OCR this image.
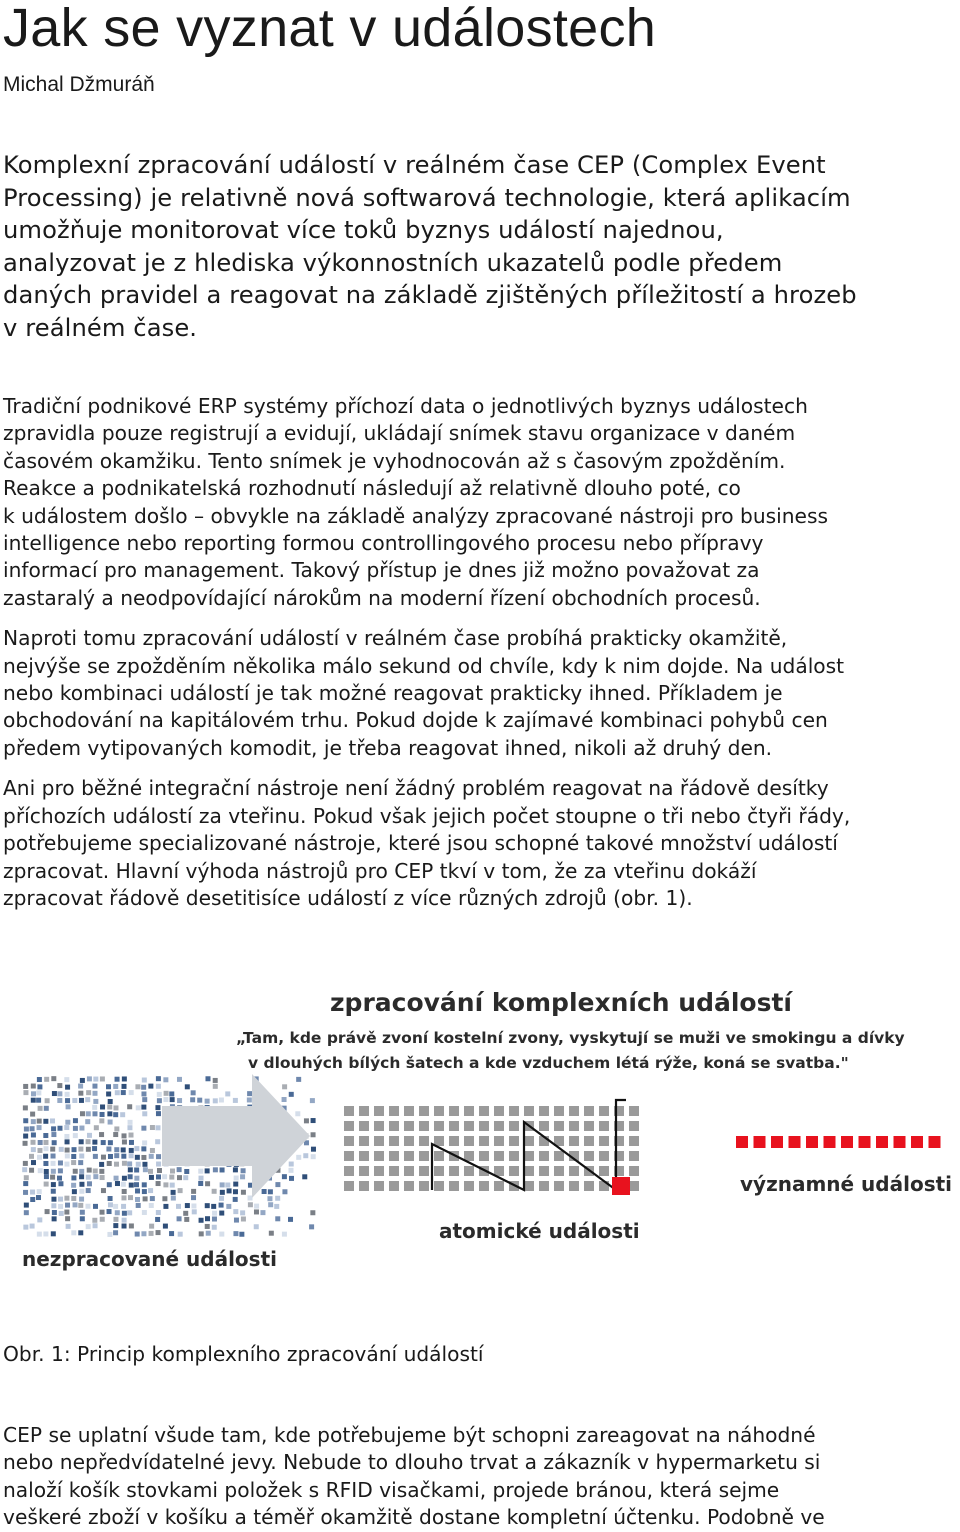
Jak se vyznat v událostech
Michal Džmuráň

Komplexní zpracování událostí v reálném čase CEP (Complex Event
Processing) je relativně nová softwarová technologie, která aplikacím
umožňuje monitorovat více toků byznys událostí najednou,
analyzovat je z hlediska výkonnostních ukazatelů podle předem
daných pravidel a reagovat na základě zjištěných příležitostí a hrozeb
v reálném čase.

Tradiční podnikové ERP systémy příchozí data o jednotlivých byznys událostech
zpravidla pouze registrují a evidují, ukládají snímek stavu organizace v daném
časovém okamžiku. Tento snímek je vyhodnocován až s časovým zpožděním.
Reakce a podnikatelská rozhodnutí následují až relativně dlouho poté, co
k událostem došlo – obvykle na základě analýzy zpracované nástroji pro business
intelligence nebo reporting formou controllingového procesu nebo přípravy
informací pro management. Takový přístup je dnes již možno považovat za
zastaralý a neodpovídající nárokům na moderní řízení obchodních procesů.

Naproti tomu zpracování událostí v reálném čase probíhá prakticky okamžitě,
nejvýše se zpožděním několika málo sekund od chvíle, kdy k nim dojde. Na událost
nebo kombinaci událostí je tak možné reagovat prakticky ihned. Příkladem je
obchodování na kapitálovém trhu. Pokud dojde k zajímavé kombinaci pohybů cen
předem vytipovaných komodit, je třeba reagovat ihned, nikoli až druhý den.

Ani pro běžné integrační nástroje není žádný problém reagovat na řádově desítky
příchozích událostí za vteřinu. Pokud však jejich počet stoupne o tři nebo čtyři řády,
potřebujeme specializované nástroje, které jsou schopné takové množství událostí
zpracovat. Hlavní výhoda nástrojů pro CEP tkví v tom, že za vteřinu dokáží
zpracovat řádově desetitisíce událostí z více různých zdrojů (obr. 1).

zpracování komplexních událostí
„Tam, kde právě zvoní kostelní zvony, vyskytují se muži ve smokingu a dívky
v dlouhých bílých šatech a kde vzduchem létá rýže, koná se svatba."
atomické události
významné události
nezpracované události

Obr. 1: Princip komplexního zpracování událostí

CEP se uplatní všude tam, kde potřebujeme být schopni zareagovat na náhodné
nebo nepředvídatelné jevy. Nebude to dlouho trvat a zákazník v hypermarketu si
naloží košík stovkami položek s RFID visačkami, projede bránou, která sejme
veškeré zboží v košíku a téměř okamžitě dostane kompletní účtenku. Podobně ve
